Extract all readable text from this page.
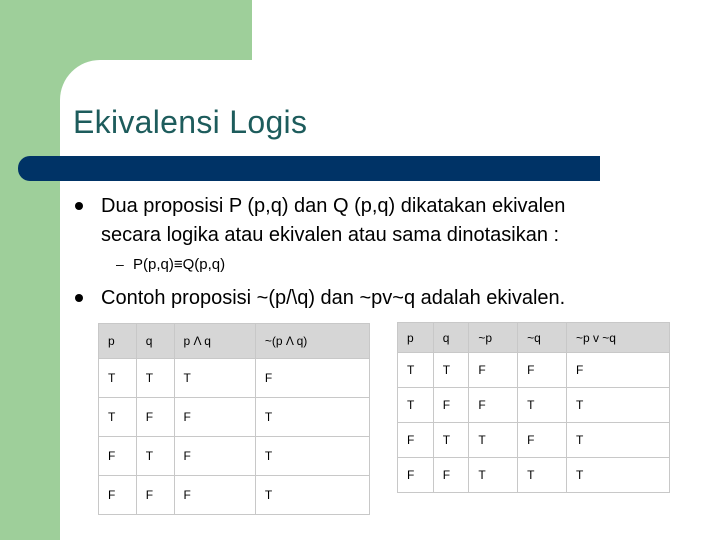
Ekivalensi Logis
Dua proposisi P (p,q) dan Q (p,q) dikatakan ekivalen
secara logika atau ekivalen atau sama dinotasikan :
– P(p,q)≡Q(p,q)
Contoh proposisi ~(p/\q) dan ~pv~q adalah ekivalen.
p	q	p Λ q	~(p Λ q)
T	T	T	F
T	F	F	T
F	T	F	T
F	F	F	T
p	q	~p	~q	~p v ~q
T	T	F	F	F
T	F	F	T	T
F	T	T	F	T
F	F	T	T	T
